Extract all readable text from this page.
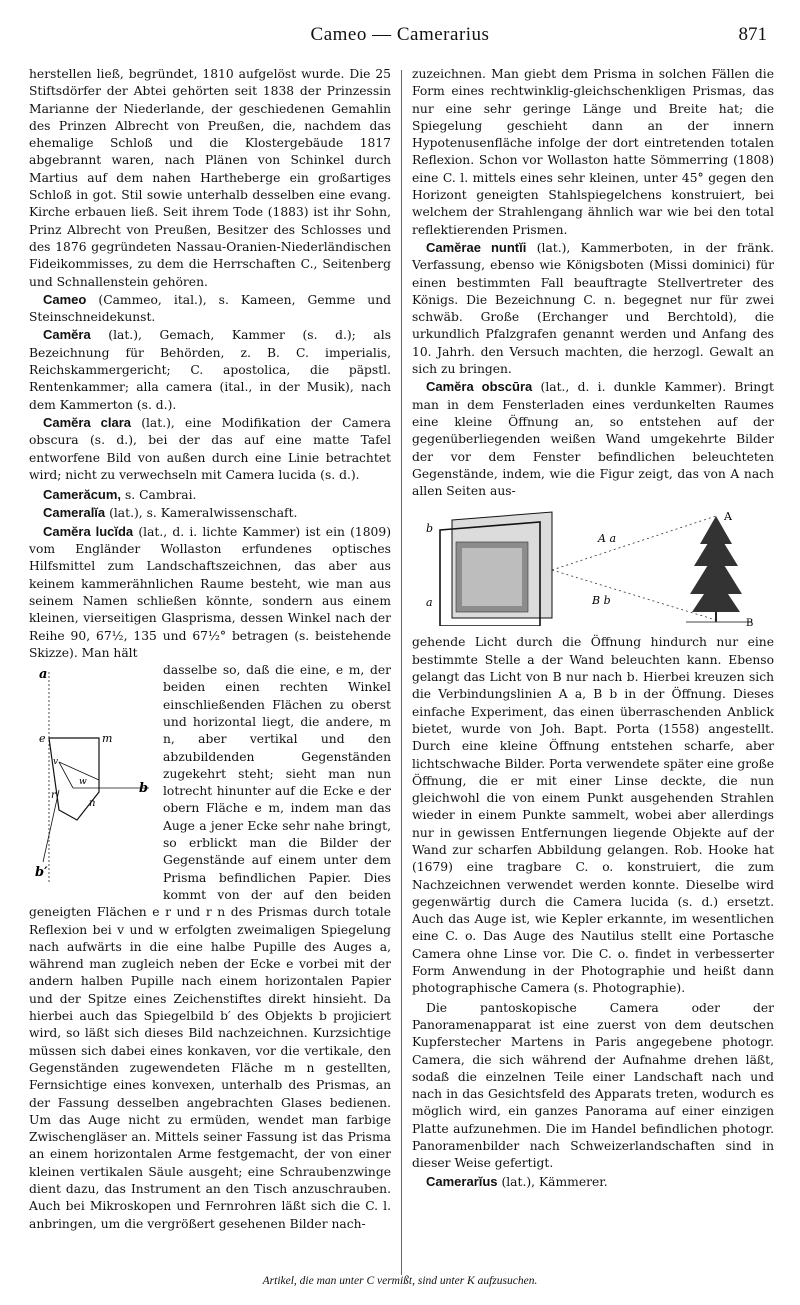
Cameo — Camerarius	871

herstellen ließ, begründet, 1810 aufgelöst wurde. Die 25 Stiftsdörfer der Abtei gehörten seit 1838 der Prinzessin Marianne der Niederlande, der geschiedenen Gemahlin des Prinzen Albrecht von Preußen, die, nachdem das ehemalige Schloß und die Klostergebäude 1817 abgebrannt waren, nach Plänen von Schinkel durch Martius auf dem nahen Hartheberge ein großartiges Schloß in got. Stil sowie unterhalb desselben eine evang. Kirche erbauen ließ. Seit ihrem Tode (1883) ist ihr Sohn, Prinz Albrecht von Preußen, Besitzer des Schlosses und des 1876 gegründeten Nassau-Oranien-Niederländischen Fideikommisses, zu dem die Herrschaften C., Seitenberg und Schnallenstein gehören.

Cameo (Cammeo, ital.), s. Kameen, Gemme und Steinschneidekunst.

Camĕra (lat.), Gemach, Kammer (s. d.); als Bezeichnung für Behörden, z. B. C. imperialis, Reichskammergericht; C. apostolica, die päpstl. Rentenkammer; alla camera (ital., in der Musik), nach dem Kammerton (s. d.).

Camĕra clara (lat.), eine Modifikation der Camera obscura (s. d.), bei der das auf eine matte Tafel entworfene Bild von außen durch eine Linie betrachtet wird; nicht zu verwechseln mit Camera lucida (s. d.).

Camerăcum, s. Cambrai.

Cameralĭa (lat.), s. Kameralwissenschaft.

Camĕra lucĭda (lat., d. i. lichte Kammer) ist ein (1809) vom Engländer Wollaston erfundenes optisches Hilfsmittel zum Landschaftszeichnen, das aber aus keinem kammerähnlichen Raume besteht, wie man aus seinem Namen schließen könnte, sondern aus einem kleinen, vierseitigen Glasprisma, dessen Winkel nach der Reihe 90, 67½, 135 und 67½° betragen (s. beistehende Skizze). Man hält

a
e	m
v
w
r
n
b
b′

dasselbe so, daß die eine, e m, der beiden einen rechten Winkel einschließenden Flächen zu oberst und horizontal liegt, die andere, m n, aber vertikal und den abzubildenden Gegenständen zugekehrt steht; sieht man nun lotrecht hinunter auf die Ecke e der obern Fläche e m, indem man das Auge a jener Ecke sehr nahe bringt, so erblickt man die Bilder der Gegenstände auf einem unter dem Prisma befindlichen Papier. Dies kommt von der auf den beiden geneigten Flächen e r und r n des Prismas durch totale Reflexion bei v und w erfolgten zweimaligen Spiegelung nach aufwärts in die eine halbe Pupille des Auges a, während man zugleich neben der Ecke e vorbei mit der andern halben Pupille nach einem horizontalen Papier und der Spitze eines Zeichenstiftes direkt hinsieht. Da hierbei auch das Spiegelbild b′ des Objekts b projiciert wird, so läßt sich dieses Bild nachzeichnen. Kurzsichtige müssen sich dabei eines konkaven, vor die vertikale, den Gegenständen zugewendeten Fläche m n gestellten, Fernsichtige eines konvexen, unterhalb des Prismas, an der Fassung desselben angebrachten Glases bedienen. Um das Auge nicht zu ermüden, wendet man farbige Zwischengläser an. Mittels seiner Fassung ist das Prisma an einem horizontalen Arme festgemacht, der von einer kleinen vertikalen Säule ausgeht; eine Schraubenzwinge dient dazu, das Instrument an den Tisch anzuschrauben. Auch bei Mikroskopen und Fernrohren läßt sich die C. l. anbringen, um die vergrößert gesehenen Bilder nach-

zuzeichnen. Man giebt dem Prisma in solchen Fällen die Form eines rechtwinklig-gleichschenkligen Prismas, das nur eine sehr geringe Länge und Breite hat; die Spiegelung geschieht dann an der innern Hypotenusenfläche infolge der dort eintretenden totalen Reflexion. Schon vor Wollaston hatte Sömmerring (1808) eine C. l. mittels eines sehr kleinen, unter 45° gegen den Horizont geneigten Stahlspiegelchens konstruiert, bei welchem der Strahlengang ähnlich war wie bei den total reflektierenden Prismen.

Camĕrae nuntĭi (lat.), Kammerboten, in der fränk. Verfassung, ebenso wie Königsboten (Missi dominici) für einen bestimmten Fall beauftragte Stellvertreter des Königs. Die Bezeichnung C. n. begegnet nur für zwei schwäb. Große (Erchanger und Berchtold), die urkundlich Pfalzgrafen genannt werden und Anfang des 10. Jahrh. den Versuch machten, die herzogl. Gewalt an sich zu bringen.

Camĕra obscūra (lat., d. i. dunkle Kammer). Bringt man in dem Fensterladen eines verdunkelten Raumes eine kleine Öffnung an, so entstehen auf der gegenüberliegenden weißen Wand umgekehrte Bilder der vor dem Fenster befindlichen beleuchteten Gegenstände, indem, wie die Figur zeigt, das von A nach allen Seiten aus-

b
a
A a
B b
A
B

gehende Licht durch die Öffnung hindurch nur eine bestimmte Stelle a der Wand beleuchten kann. Ebenso gelangt das Licht von B nur nach b. Hierbei kreuzen sich die Verbindungslinien A a, B b in der Öffnung. Dieses einfache Experiment, das einen überraschenden Anblick bietet, wurde von Joh. Bapt. Porta (1558) angestellt. Durch eine kleine Öffnung entstehen scharfe, aber lichtschwache Bilder. Porta verwendete später eine große Öffnung, die er mit einer Linse deckte, die nun gleichwohl die von einem Punkt ausgehenden Strahlen wieder in einem Punkte sammelt, wobei aber allerdings nur in gewissen Entfernungen liegende Objekte auf der Wand zur scharfen Abbildung gelangen. Rob. Hooke hat (1679) eine tragbare C. o. konstruiert, die zum Nachzeichnen verwendet werden konnte. Dieselbe wird gegenwärtig durch die Camera lucida (s. d.) ersetzt. Auch das Auge ist, wie Kepler erkannte, im wesentlichen eine C. o. Das Auge des Nautilus stellt eine Portasche Camera ohne Linse vor. Die C. o. findet in verbesserter Form Anwendung in der Photographie und heißt dann photographische Camera (s. Photographie).

Die pantoskopische Camera oder der Panoramenapparat ist eine zuerst von dem deutschen Kupferstecher Martens in Paris angegebene photogr. Camera, die sich während der Aufnahme drehen läßt, sodaß die einzelnen Teile einer Landschaft nach und nach in das Gesichtsfeld des Apparats treten, wodurch es möglich wird, ein ganzes Panorama auf einer einzigen Platte aufzunehmen. Die im Handel befindlichen photogr. Panoramenbilder nach Schweizerlandschaften sind in dieser Weise gefertigt.

Camerarĭus (lat.), Kämmerer.

Artikel, die man unter C vermißt, sind unter K aufzusuchen.
